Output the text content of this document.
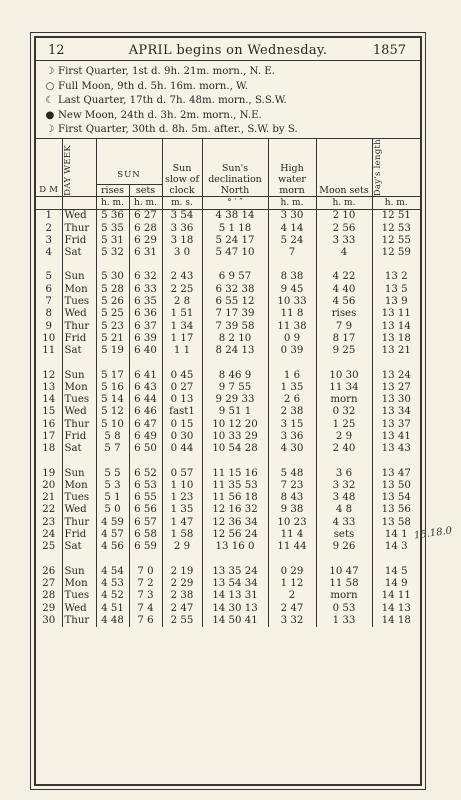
12	APRIL begins on Wednesday.	1857
☽ First Quarter, 1st d. 9h. 21m. morn., N. E.
○ Full Moon, 9th d. 5h. 16m. morn., W.
☾ Last Quarter, 17th d. 7h. 48m. morn., S.S.W.
● New Moon, 24th d. 3h. 2m. morn., N.E.
☽ First Quarter, 30th d. 8h. 5m. after., S.W. by S.
D M	DAY WEEK	SUN
rises sets		Sun slow of clock	Sun's declination North	High water morn	Moon sets	Day's length

		h. m.	h. m.	m. s.	° ′ ″	h. m.	h. m.	h. m.
1	Wed	5 36	6 27	3 54	4 38 14	3 30	2 10	12 51
2	Thur	5 35	6 28	3 36	5 1 18	4 14	2 56	12 53
3	Frid	5 31	6 29	3 18	5 24 17	5 24	3 33	12 55
4	Sat	5 32	6 31	3 0	5 47 10	7	4	12 59

5	Sun	5 30	6 32	2 43	6 9 57	8 38	4 22	13 2
6	Mon	5 28	6 33	2 25	6 32 38	9 45	4 40	13 5
7	Tues	5 26	6 35	2 8	6 55 12	10 33	4 56	13 9
8	Wed	5 25	6 36	1 51	7 17 39	11 8	rises	13 11
9	Thur	5 23	6 37	1 34	7 39 58	11 38	7 9	13 14
10	Frid	5 21	6 39	1 17	8 2 10	0 9	8 17	13 18
11	Sat	5 19	6 40	1 1	8 24 13	0 39	9 25	13 21

12	Sun	5 17	6 41	0 45	8 46 9	1 6	10 30	13 24
13	Mon	5 16	6 43	0 27	9 7 55	1 35	11 34	13 27
14	Tues	5 14	6 44	0 13	9 29 33	2 6	morn	13 30
15	Wed	5 12	6 46	fast1	9 51 1	2 38	0 32	13 34
16	Thur	5 10	6 47	0 15	10 12 20	3 15	1 25	13 37
17	Frid	5 8	6 49	0 30	10 33 29	3 36	2 9	13 41
18	Sat	5 7	6 50	0 44	10 54 28	4 30	2 40	13 43

19	Sun	5 5	6 52	0 57	11 15 16	5 48	3 6	13 47
20	Mon	5 3	6 53	1 10	11 35 53	7 23	3 32	13 50
21	Tues	5 1	6 55	1 23	11 56 18	8 43	3 48	13 54
22	Wed	5 0	6 56	1 35	12 16 32	9 38	4 8	13 56
23	Thur	4 59	6 57	1 47	12 36 34	10 23	4 33	13 58
24	Frid	4 57	6 58	1 58	12 56 24	11 4	sets	14 1
25	Sat	4 56	6 59	2 9	13 16 0	11 44	9 26	14 3

26	Sun	4 54	7 0	2 19	13 35 24	0 29	10 47	14 5
27	Mon	4 53	7 2	2 29	13 54 34	1 12	11 58	14 9
28	Tues	4 52	7 3	2 38	14 13 31	2	morn	14 11
29	Wed	4 51	7 4	2 47	14 30 13	2 47	0 53	14 13
30	Thur	4 48	7 6	2 55	14 50 41	3 32	1 33	14 18
15.18.0
